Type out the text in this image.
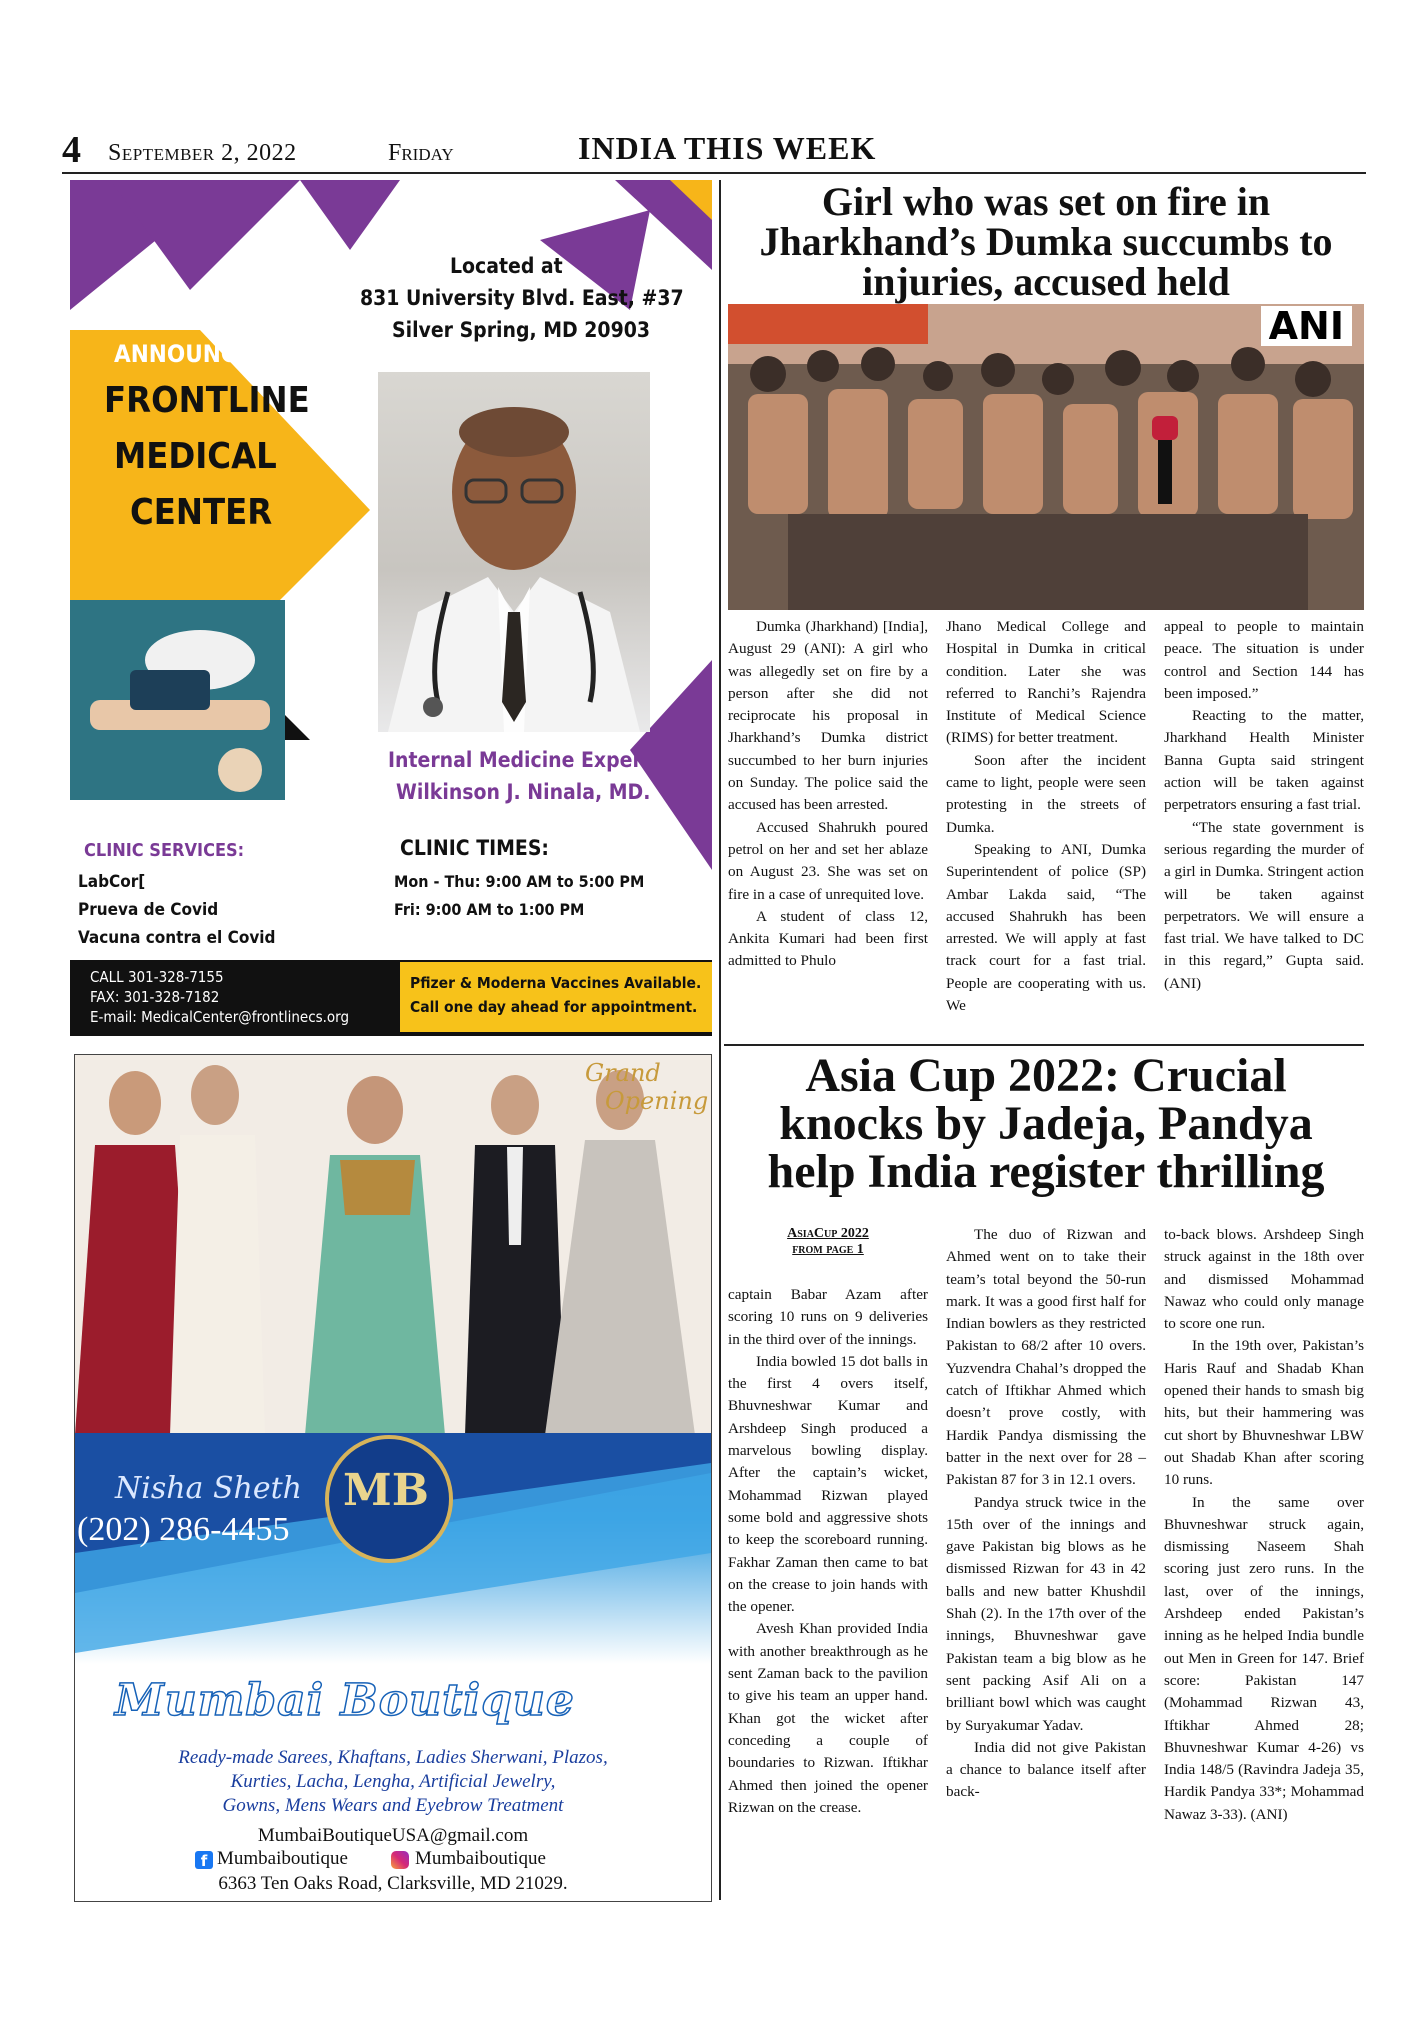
4 September 2, 2022	Friday	INDIA THIS WEEK
Located at
831 University Blvd. East, #37
Silver Spring, MD 20903
ANNOUNCING
FRONTLINE
MEDICAL
CENTER
Internal Medicine Expert
Wilkinson J. Ninala, MD.
CLINIC SERVICES:
LabCor[
Prueva de Covid
Vacuna contra el Covid
CLINIC TIMES:
Mon - Thu: 9:00 AM to 5:00 PM
Fri: 9:00 AM to 1:00 PM
CALL 301-328-7155
FAX: 301-328-7182
E-mail: MedicalCenter@frontlinecs.org
Pfizer & Moderna Vaccines Available.
Call one day ahead for appointment.
Grand
Opening
MB
Nisha Sheth
(202) 286-4455
Mumbai Boutique
Ready-made Sarees, Khaftans, Ladies Sherwani, Plazos,
Kurties, Lacha, Lengha, Artificial Jewelry,
Gowns, Mens Wears and Eyebrow Treatment
MumbaiBoutiqueUSA@gmail.com
f Mumbaiboutique	Mumbaiboutique
6363 Ten Oaks Road, Clarksville, MD 21029.
Girl who was set on fire in
Jharkhand’s Dumka succumbs to
injuries, accused held
ANI

Dumka (Jharkhand) [India], August 29 (ANI): A girl who was allegedly set on fire by a person after she did not reciprocate his proposal in Jharkhand’s Dumka district succumbed to her burn injuries on Sunday. The police said the accused has been arrested.

Accused Shahrukh poured petrol on her and set her ablaze on August 23. She was set on fire in a case of unrequited love.

A student of class 12, Ankita Kumari had been first admitted to Phulo

Jhano Medical College and Hospital in Dumka in critical condition. Later she was referred to Ranchi’s Rajendra Institute of Medical Science (RIMS) for better treatment.

Soon after the incident came to light, people were seen protesting in the streets of Dumka.

Speaking to ANI, Dumka Superintendent of police (SP) Ambar Lakda said, “The accused Shahrukh has been arrested. We will apply at fast track court for a fast trial. People are cooperating with us. We

appeal to people to maintain peace. The situation is under control and Section 144 has been imposed.”

Reacting to the matter, Jharkhand Health Minister Banna Gupta said stringent action will be taken against perpetrators ensuring a fast trial.

“The state government is serious regarding the murder of a girl in Dumka. Stringent action will be taken against perpetrators. We will ensure a fast trial. We have talked to DC in this regard,” Gupta said. (ANI)

Asia Cup 2022: Crucial
knocks by Jadeja, Pandya
help India register thrilling
AsiaCup 2022
from page 1

captain Babar Azam after scoring 10 runs on 9 deliveries in the third over of the innings.

India bowled 15 dot balls in the first 4 overs itself, Bhuvneshwar Kumar and Arshdeep Singh produced a marvelous bowling display. After the captain’s wicket, Mohammad Rizwan played some bold and aggressive shots to keep the scoreboard running. Fakhar Zaman then came to bat on the crease to join hands with the opener.

Avesh Khan provided India with another breakthrough as he sent Zaman back to the pavilion to give his team an upper hand. Khan got the wicket after conceding a couple of boundaries to Rizwan. Iftikhar Ahmed then joined the opener Rizwan on the crease.

The duo of Rizwan and Ahmed went on to take their team’s total beyond the 50-run mark. It was a good first half for Indian bowlers as they restricted Pakistan to 68/2 after 10 overs. Yuzvendra Chahal’s dropped the catch of Iftikhar Ahmed which doesn’t prove costly, with Hardik Pandya dismissing the batter in the next over for 28 – Pakistan 87 for 3 in 12.1 overs.

Pandya struck twice in the 15th over of the innings and gave Pakistan big blows as he dismissed Rizwan for 43 in 42 balls and new batter Khushdil Shah (2). In the 17th over of the innings, Bhuvneshwar gave Pakistan team a big blow as he sent packing Asif Ali on a brilliant bowl which was caught by Suryakumar Yadav.

India did not give Pakistan a chance to balance itself after back-

to-back blows. Arshdeep Singh struck against in the 18th over and dismissed Mohammad Nawaz who could only manage to score one run.

In the 19th over, Pakistan’s Haris Rauf and Shadab Khan opened their hands to smash big hits, but their hammering was cut short by Bhuvneshwar LBW out Shadab Khan after scoring 10 runs.

In the same over Bhuvneshwar struck again, dismissing Naseem Shah scoring just zero runs. In the last, over of the innings, Arshdeep ended Pakistan’s inning as he helped India bundle out Men in Green for 147. Brief score: Pakistan 147 (Mohammad Rizwan 43, Iftikhar Ahmed 28; Bhuvneshwar Kumar 4-26) vs India 148/5 (Ravindra Jadeja 35, Hardik Pandya 33*; Mohammad Nawaz 3-33). (ANI)
